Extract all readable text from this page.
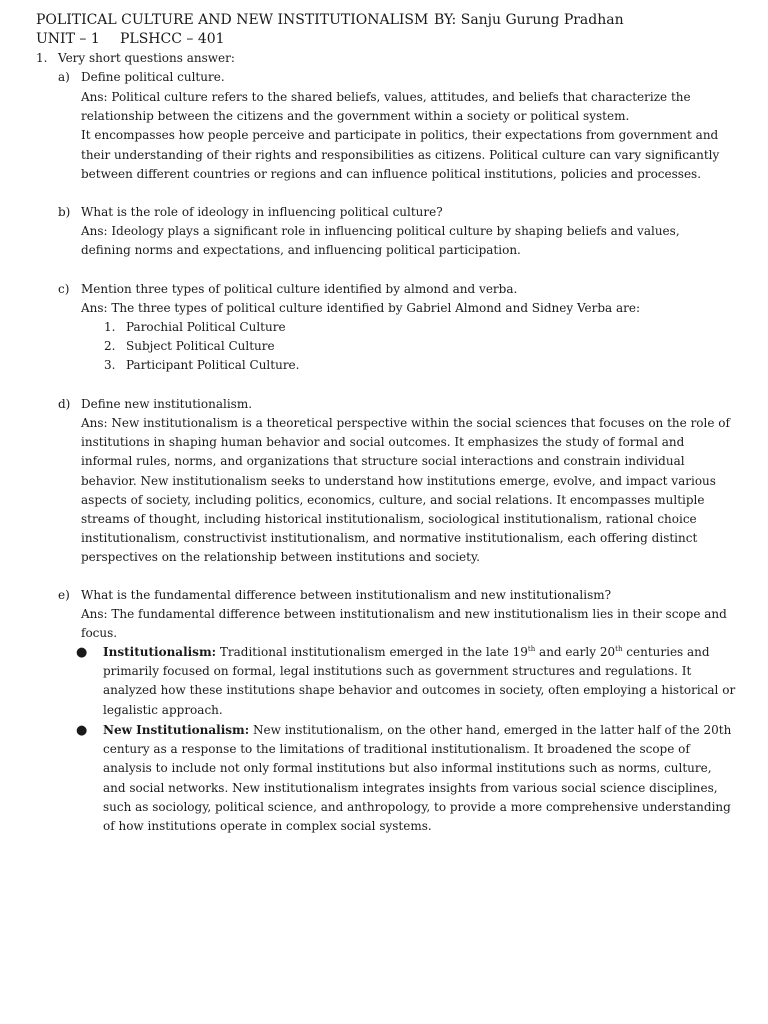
POLITICAL CULTURE AND NEW INSTITUTIONALISM BY: Sanju Gurung Pradhan
UNIT – 1 PLSHCC – 401
1. Very short questions answer:
a) Define political culture.

Ans: Political culture refers to the shared beliefs, values, attitudes, and beliefs that characterize the relationship between the citizens and the government within a society or political system.

It encompasses how people perceive and participate in politics, their expectations from government and their understanding of their rights and responsibilities as citizens. Political culture can vary significantly between different countries or regions and can influence political institutions, policies and processes.

b) What is the role of ideology in influencing political culture?

Ans: Ideology plays a significant role in influencing political culture by shaping beliefs and values, defining norms and expectations, and influencing political participation.

c) Mention three types of political culture identified by almond and verba.

Ans: The three types of political culture identified by Gabriel Almond and Sidney Verba are:

1. Parochial Political Culture
2. Subject Political Culture
3. Participant Political Culture.
d) Define new institutionalism.

Ans: New institutionalism is a theoretical perspective within the social sciences that focuses on the role of institutions in shaping human behavior and social outcomes. It emphasizes the study of formal and informal rules, norms, and organizations that structure social interactions and constrain individual behavior. New institutionalism seeks to understand how institutions emerge, evolve, and impact various aspects of society, including politics, economics, culture, and social relations. It encompasses multiple streams of thought, including historical institutionalism, sociological institutionalism, rational choice institutionalism, constructivist institutionalism, and normative institutionalism, each offering distinct perspectives on the relationship between institutions and society.

e) What is the fundamental difference between institutionalism and new institutionalism?

Ans: The fundamental difference between institutionalism and new institutionalism lies in their scope and focus.

● Institutionalism: Traditional institutionalism emerged in the late 19th and early 20th centuries and primarily focused on formal, legal institutions such as government structures and regulations. It analyzed how these institutions shape behavior and outcomes in society, often employing a historical or legalistic approach.
● New Institutionalism: New institutionalism, on the other hand, emerged in the latter half of the 20th century as a response to the limitations of traditional institutionalism. It broadened the scope of analysis to include not only formal institutions but also informal institutions such as norms, culture, and social networks. New institutionalism integrates insights from various social science disciplines, such as sociology, political science, and anthropology, to provide a more comprehensive understanding of how institutions operate in complex social systems.
